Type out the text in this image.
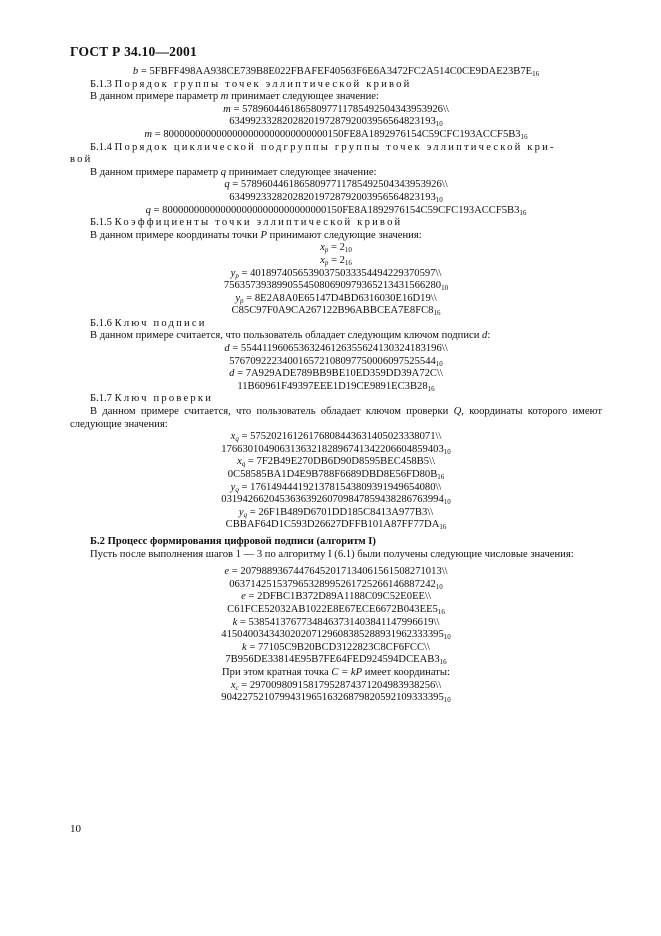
ГОСТ Р 34.10—2001
$b = 5FBFF498AA938CE739B8E022FBAFEF40563F6E6A3472FC2A514C0CE9DAE23B7E_{16}$
Б.1.3 Порядок группы точек эллиптической кривой
В данном примере параметр m принимает следующее значение:
m = 57896044618658097711785492504343953926\\
$634992332820282019728792003956564823193_{10}$
$m = 8000000000000000000000000000000150FE8A1892976154C59CFC193ACCF5B3_{16}$
Б.1.4 Порядок циклической подгруппы группы точек эллиптической кри-
вой
В данном примере параметр q принимает следующее значение:
q = 57896044618658097711785492504343953926\\
$634992332820282019728792003956564823193_{10}$
$q = 8000000000000000000000000000000150FE8A1892976154C59CFC193ACCF5B3_{16}$
Б.1.5 Коэффициенты точки эллиптической кривой
В данном примере координаты точки P принимают следующие значения:
$x_p = 2_{10}$
$x_p = 2_{16}$
$y_p$ = 40189740565390375033354494229370597\\
$75635739389905545080690979365213431566280_{10}$
$y_p$ = 8E2A8A0E65147D4BD6316030E16D19\\
$C85C97F0A9CA267122B96ABBCEA7E8FC8_{16}$
Б.1.6 Ключ подписи
В данном примере считается, что пользователь обладает следующим ключом подписи d:
d = 55441196065363246126355624130324183196\\
$576709222340016572108097750006097525544_{10}$
d = 7A929ADE789BB9BE10ED359DD39A72C\\
$11B60961F49397EEE1D19CE9891EC3B28_{16}$
Б.1.7 Ключ проверки
В данном примере считается, что пользователь обладает ключом проверки Q, координаты которого имеют следующие значения:
$x_q$ = 57520216126176808443631405023338071\\
$176630104906313632182896741342206604859403_{10}$
$x_q$ = 7F2B49E270DB6D90D8595BEC458B5\\
$0C58585BA1D4E9B788F6689DBD8E56FD80B_{16}$
$y_q$ = 17614944419213781543809391949654080\\
$031942662045363639260709847859438286763994_{10}$
$y_q$ = 26F1B489D6701DD185C8413A977B3\\
$CBBAF64D1C593D26627DFFB101A87FF77DA_{16}$
Б.2 Процесс формирования цифровой подписи (алгоритм I)
Пусть после выполнения шагов 1 — 3 по алгоритму I (6.1) были получены следующие числовые значения:
e = 20798893674476452017134061561508271013\\
$063714251537965328995261725266146887242_{10}$
e = 2DFBC1B372D89A1188C09C52E0EE\\
$C61FCE52032AB1022E8E67ECE6672B043EE5_{16}$
k = 53854137677348463731403841147996619\\
$415040034343020207129608385288931962333395_{10}$
k = 77105C9B20BCD3122823C8CF6FCC\\
$7B956DE33814E95B7FE64FED924594DCEAB3_{16}$
При этом кратная точка C = kP имеет координаты:
$x_c$ = 29700980915817952874371204983938256\\
$904227521079943196516326879820592109333395_{10}$
10
